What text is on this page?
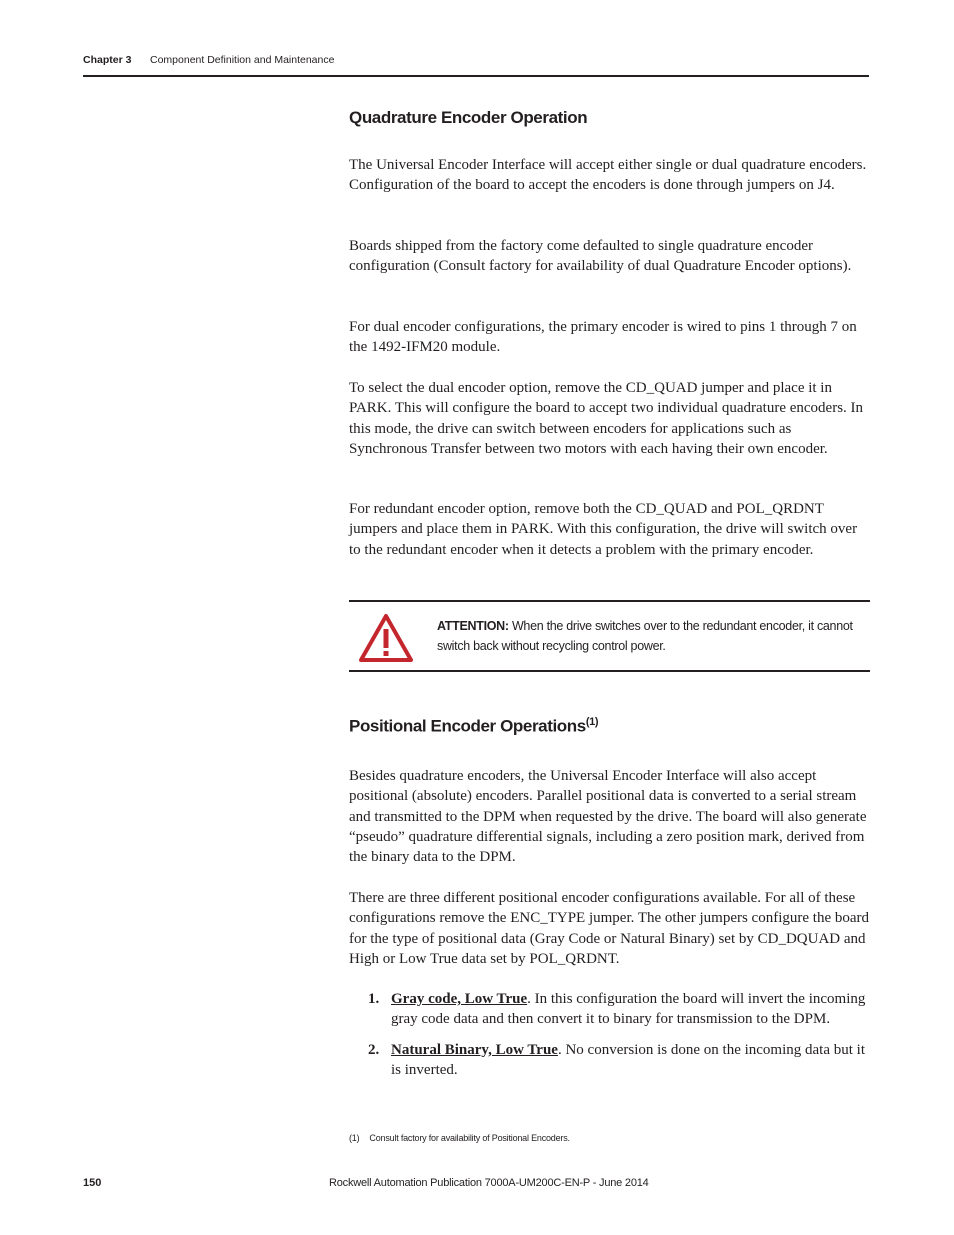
Chapter 3 Component Definition and Maintenance
Quadrature Encoder Operation

The Universal Encoder Interface will accept either single or dual quadrature encoders. Configuration of the board to accept the encoders is done through jumpers on J4.

Boards shipped from the factory come defaulted to single quadrature encoder configuration (Consult factory for availability of dual Quadrature Encoder options).

For dual encoder configurations, the primary encoder is wired to pins 1 through 7 on the 1492-IFM20 module.

To select the dual encoder option, remove the CD_QUAD jumper and place it in PARK. This will configure the board to accept two individual quadrature encoders. In this mode, the drive can switch between encoders for applications such as Synchronous Transfer between two motors with each having their own encoder.

For redundant encoder option, remove both the CD_QUAD and POL_QRDNT jumpers and place them in PARK. With this configuration, the drive will switch over to the redundant encoder when it detects a problem with the primary encoder.

ATTENTION: When the drive switches over to the redundant encoder, it cannot switch back without recycling control power.
Positional Encoder Operations$^{(1)}$

Besides quadrature encoders, the Universal Encoder Interface will also accept positional (absolute) encoders. Parallel positional data is converted to a serial stream and transmitted to the DPM when requested by the drive. The board will also generate “pseudo” quadrature differential signals, including a zero position mark, derived from the binary data to the DPM.

There are three different positional encoder configurations available. For all of these configurations remove the ENC_TYPE jumper. The other jumpers configure the board for the type of positional data (Gray Code or Natural Binary) set by CD_DQUAD and High or Low True data set by POL_QRDNT.

1. Gray code, Low True. In this configuration the board will invert the incoming gray code data and then convert it to binary for transmission to the DPM.
2. Natural Binary, Low True. No conversion is done on the incoming data but it is inverted.
(1) Consult factory for availability of Positional Encoders.
150	Rockwell Automation Publication 7000A-UM200C-EN-P - June 2014
